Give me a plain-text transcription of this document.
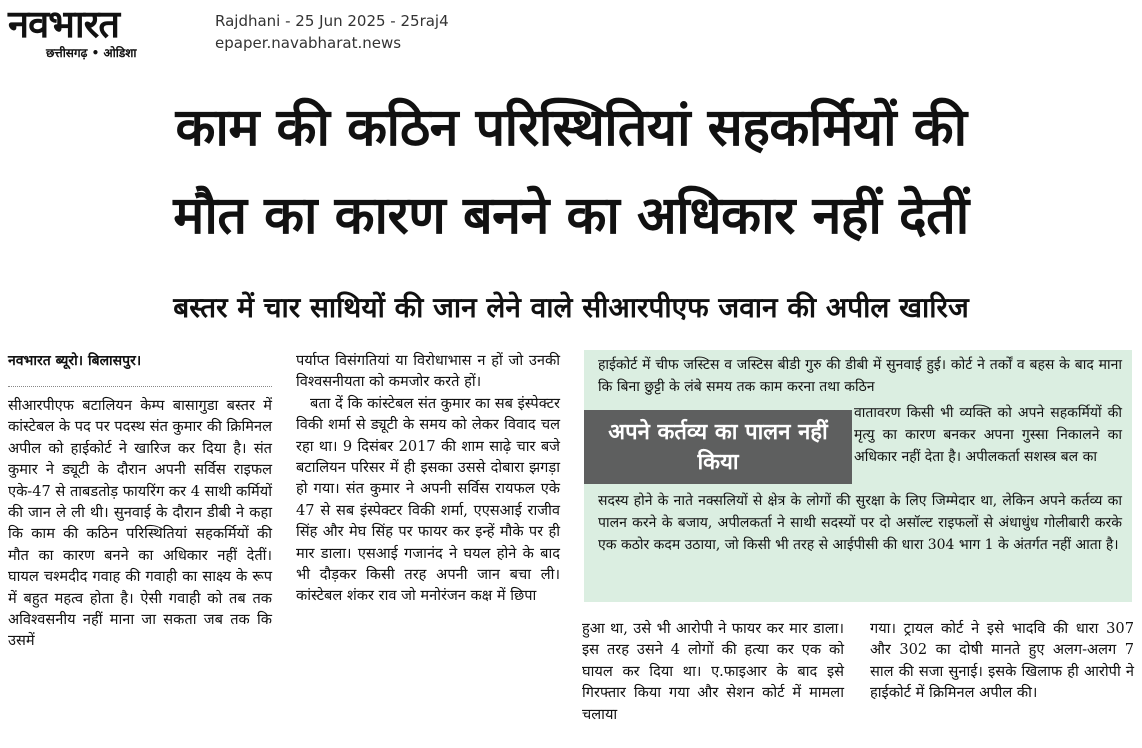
नवभारत
छत्तीसगढ़ • ओडिशा
Rajdhani - 25 Jun 2025 - 25raj4
epaper.navabharat.news
काम की कठिन परिस्थितियां सहकर्मियों की
मौत का कारण बनने का अधिकार नहीं देतीं
बस्तर में चार साथियों की जान लेने वाले सीआरपीएफ जवान की अपील खारिज
नवभारत ब्यूरो। बिलासपुर।

सीआरपीएफ बटालियन केम्प बासागुडा बस्तर में कांस्टेबल के पद पर पदस्थ संत कुमार की क्रिमिनल अपील को हाईकोर्ट ने खारिज कर दिया है। संत कुमार ने ड्यूटी के दौरान अपनी सर्विस राइफल एके-47 से ताबडतोड़ फायरिंग कर 4 साथी कर्मियों की जान ले ली थी। सुनवाई के दौरान डीबी ने कहा कि काम की कठिन परिस्थितियां सहकर्मियों की मौत का कारण बनने का अधिकार नहीं देतीं। घायल चश्मदीद गवाह की गवाही का साक्ष्य के रूप में बहुत महत्व होता है। ऐसी गवाही को तब तक अविश्वसनीय नहीं माना जा सकता जब तक कि उसमें

पर्याप्त विसंगतियां या विरोधाभास न हों जो उनकी विश्वसनीयता को कमजोर करते हों।

बता दें कि कांस्टेबल संत कुमार का सब इंस्पेक्टर विकी शर्मा से ड्यूटी के समय को लेकर विवाद चल रहा था। 9 दिसंबर 2017 की शाम साढ़े चार बजे बटालियन परिसर में ही इसका उससे दोबारा झगड़ा हो गया। संत कुमार ने अपनी सर्विस रायफल एके 47 से सब इंस्पेक्टर विकी शर्मा, एएसआई राजीव सिंह और मेघ सिंह पर फायर कर इन्हें मौके पर ही मार डाला। एसआई गजानंद ने घयल होने के बाद भी दौड़कर किसी तरह अपनी जान बचा ली। कांस्टेबल शंकर राव जो मनोरंजन कक्ष में छिपा

हाईकोर्ट में चीफ जस्टिस व जस्टिस बीडी गुरु की डीबी में सुनवाई हुई। कोर्ट ने तर्कों व बहस के बाद माना कि बिना छुट्टी के लंबे समय तक काम करना तथा कठिन
अपने कर्तव्य का पालन नहीं किया
वातावरण किसी भी व्यक्ति को अपने सहकर्मियों की मृत्यु का कारण बनकर अपना गुस्सा निकालने का अधिकार नहीं देता है। अपीलकर्ता सशस्त्र बल का
सदस्य होने के नाते नक्सलियों से क्षेत्र के लोगों की सुरक्षा के लिए जिम्मेदार था, लेकिन अपने कर्तव्य का पालन करने के बजाय, अपीलकर्ता ने साथी सदस्यों पर दो असॉल्ट राइफलों से अंधाधुंध गोलीबारी करके एक कठोर कदम उठाया, जो किसी भी तरह से आईपीसी की धारा 304 भाग 1 के अंतर्गत नहीं आता है।

हुआ था, उसे भी आरोपी ने फायर कर मार डाला। इस तरह उसने 4 लोगों की हत्या कर एक को घायल कर दिया था। ए.फाइआर के बाद इसे गिरफ्तार किया गया और सेशन कोर्ट में मामला चलाया

गया। ट्रायल कोर्ट ने इसे भादवि की धारा 307 और 302 का दोषी मानते हुए अलग-अलग 7 साल की सजा सुनाई। इसके खिलाफ ही आरोपी ने हाईकोर्ट में क्रिमिनल अपील की।
